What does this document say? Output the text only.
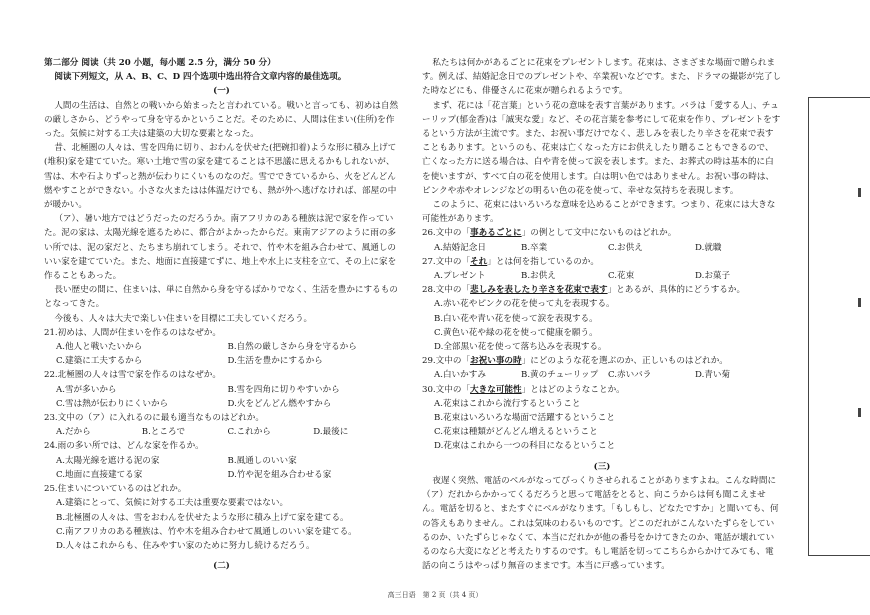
第二部分 阅读（共 20 小题，每小题 2.5 分，满分 50 分）

阅读下列短文，从 A、B、C、D 四个选项中选出符合文章内容的最佳选项。

(一)

人間の生活は、自然との戦いから始まったと言われている。戦いと言っても、初めは自然の厳しさから、どうやって身を守るかということだ。そのために、人間は住まい(住所)を作った。気候に対する工夫は建築の大切な要素となった。

昔、北極圏の人々は、雪を四角に切り、おわんを伏せた(把碗扣着)ような形に積み上げて(堆积)家を建てていた。寒い土地で雪の家を建てることは不思議に思えるかもしれないが、雪は、木や石よりずっと熱が伝わりにくいものなのだ。雪でできているから、火をどんどん燃やすことができない。小さな火またはは体温だけでも、熱が外へ逃げなければ、部屋の中が暖かい。

（ア）、暑い地方ではどうだったのだろうか。南アフリカのある種族は泥で家を作っていた。泥の家は、太陽光線を遮るために、都合がよかったからだ。東南アジアのように雨の多い所では、泥の家だと、たちまち崩れてしまう。それで、竹や木を組み合わせて、風通しのいい家を建てていた。また、地面に直接建てずに、地上や水上に支柱を立て、その上に家を作ることもあった。

長い歴史の間に、住まいは、単に自然から身を守るばかりでなく、生活を豊かにするものとなってきた。

今後も、人々は大夫で楽しい住まいを目標に工夫していくだろう。

21.初めは、人間が住まいを作るのはなぜか。

A.他人と戦いたいから	B.自然の厳しさから身を守るから
C.建築に工夫するから	D.生活を豊かにするから

22.北極圏の人々は雪で家を作るのはなぜか。

A.雪が多いから	B.雪を四角に切りやすいから
C.雪は熱が伝わりにくいから	D.火をどんどん燃やすから

23.文中の（ア）に入れるのに最も適当なものはどれか。

A.だから	B.ところで	C.これから	D.最後に

24.雨の多い所では、どんな家を作るか。

A.太陽光線を遮ける泥の家	B.風通しのいい家
C.地面に直接建てる家	D.竹や泥を組み合わせる家

25.住まいについているのはどれか。

A.建築にとって、気候に対する工夫は重要な要素ではない。
B.北極圏の人々は、雪をおわんを伏せたような形に積み上げて家を建てる。
C.南アフリカのある種族は、竹や木を組み合わせて風通しのいい家を建てる。
D.人々はこれからも、住みやすい家のために努力し続けるだろう。

(二)

私たちは何かがあるごとに花束をプレゼントします。花束は、さまざまな場面で贈られます。例えば、結婚記念日でのプレゼントや、卒業祝いなどです。また、ドラマの撮影が完了した時などにも、俳優さんに花束が贈られるようです。

まず、花には「花言葉」という花の意味を表す言葉があります。バラは「愛する人」、チューリップ(郁金香)は「誠実な愛」など、その花言葉を参考にして花束を作り、プレゼントをするという方法が主流です。また、お祝い事だけでなく、悲しみを表したり辛さを花束で表すこともあります。というのも、花束は亡くなった方にお供えしたり贈ることもできるので、亡くなった方に送る場合は、白や青を使って涙を表します。また、お葬式の時は基本的に白を使いますが、すべて白の花を使用します。白は明い色ではありません。お祝い事の時は、ピンクや赤やオレンジなどの明るい色の花を使って、幸せな気持ちを表現します。

このように、花束にはいろいろな意味を込めることができます。つまり、花束には大きな可能性があります。

26.文中の「事あるごとに」の例として文中にないものはどれか。

A.結婚記念日	B.卒業	C.お供え	D.就職

27.文中の「それ」とは何を指しているのか。

A.プレゼント	B.お供え	C.花束	D.お菓子

28.文中の「悲しみを表したり辛さを花束で表す」とあるが、具体的にどうするか。

A.赤い花やピンクの花を使って丸を表現する。
B.白い花や青い花を使って涙を表現する。
C.黄色い花や緑の花を使って健康を願う。
D.全部黒い花を使って落ち込みを表現する。

29.文中の「お祝い事の時」にどのような花を選ぶのか、正しいものはどれか。

A.白いかすみ	B.黄のチューリップ	C.赤いバラ	D.青い菊

30.文中の「大きな可能性」とはどのようなことか。

A.花束はこれから流行するということ
B.花束はいろいろな場面で活躍するということ
C.花束は種類がどんどん増えるということ
D.花束はこれから一つの科目になるということ

(三)

夜遅く突然、電話のベルがなってびっくりさせられることがありますよね。こんな時間に（ア）だれからかかってくるだろうと思って電話をとると、向こうからは何も聞こえません。電話を切ると、またすぐにベルがなります。「もしもし、どなたですか」と聞いても、何の答えもありません。これは気味のわるいものです。どこのだれがこんないたずらをしているのか、いたずらじゃなくて、本当にだれかが他の番号をかけてきたのか、電話が壊れているのなら大変になどと考えたりするのです。もし電話を切ってこちらからかけてみても、電話の向こうはやっぱり無音のままです。本当に戸惑っています。

高三日语　第 2 页（共 4 页）
